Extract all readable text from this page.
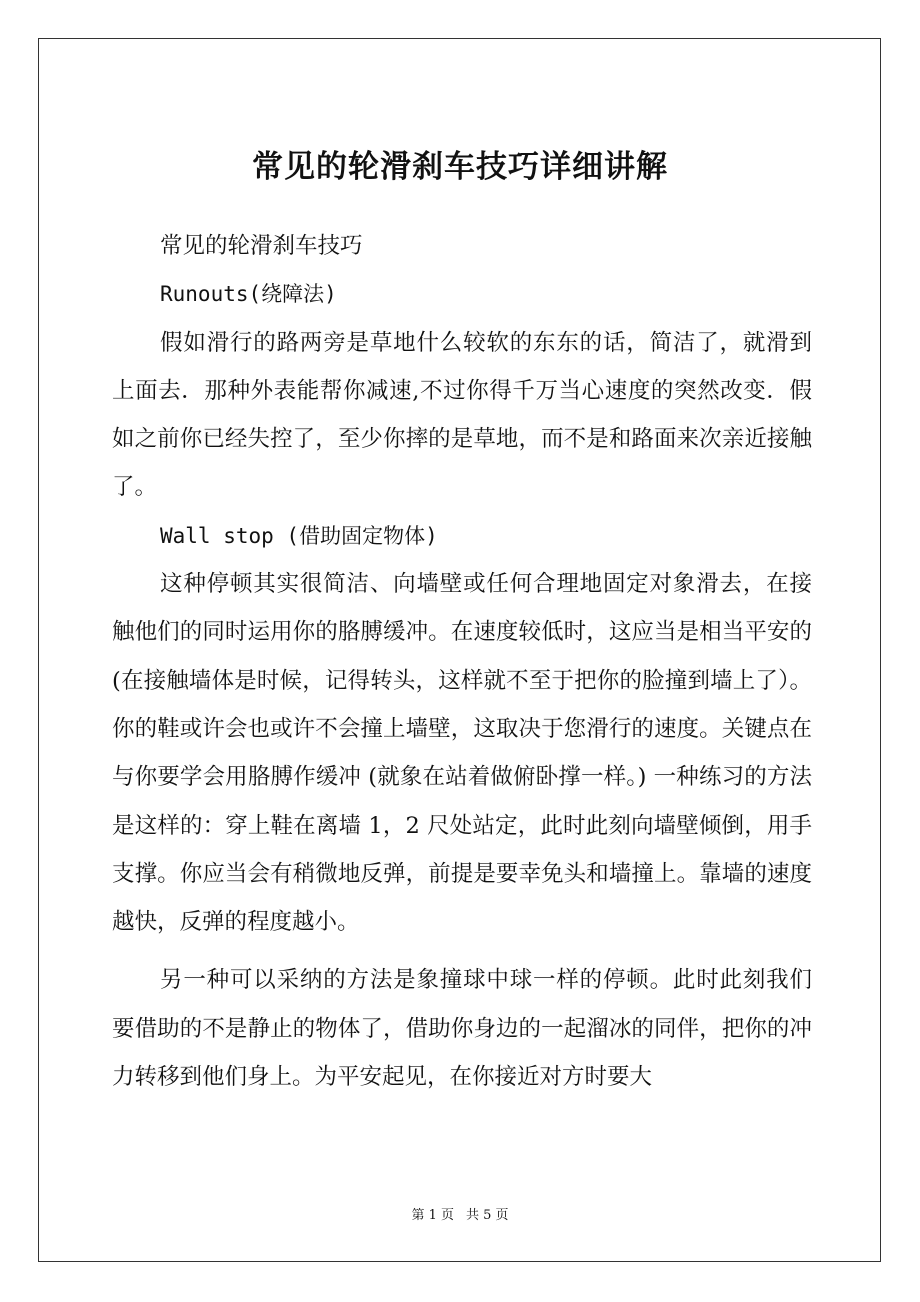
常见的轮滑刹车技巧详细讲解

常见的轮滑刹车技巧

Runouts(绕障法)

假如滑行的路两旁是草地什么较软的东东的话，简洁了，就滑到上面去．那种外表能帮你减速,不过你得千万当心速度的突然改变．假如之前你已经失控了，至少你摔的是草地，而不是和路面来次亲近接触了。

Wall stop (借助固定物体)

这种停顿其实很简洁、向墙壁或任何合理地固定对象滑去，在接触他们的同时运用你的胳膊缓冲。在速度较低时，这应当是相当平安的(在接触墙体是时候，记得转头，这样就不至于把你的脸撞到墙上了）。你的鞋或许会也或许不会撞上墙壁，这取决于您滑行的速度。关键点在与你要学会用胳膊作缓冲 (就象在站着做俯卧撑一样。) 一种练习的方法是这样的：穿上鞋在离墙 1，2 尺处站定，此时此刻向墙壁倾倒，用手支撑。你应当会有稍微地反弹，前提是要幸免头和墙撞上。靠墙的速度越快，反弹的程度越小。

另一种可以采纳的方法是象撞球中球一样的停顿。此时此刻我们要借助的不是静止的物体了，借助你身边的一起溜冰的同伴，把你的冲力转移到他们身上。为平安起见，在你接近对方时要大

第 1 页 共 5 页
